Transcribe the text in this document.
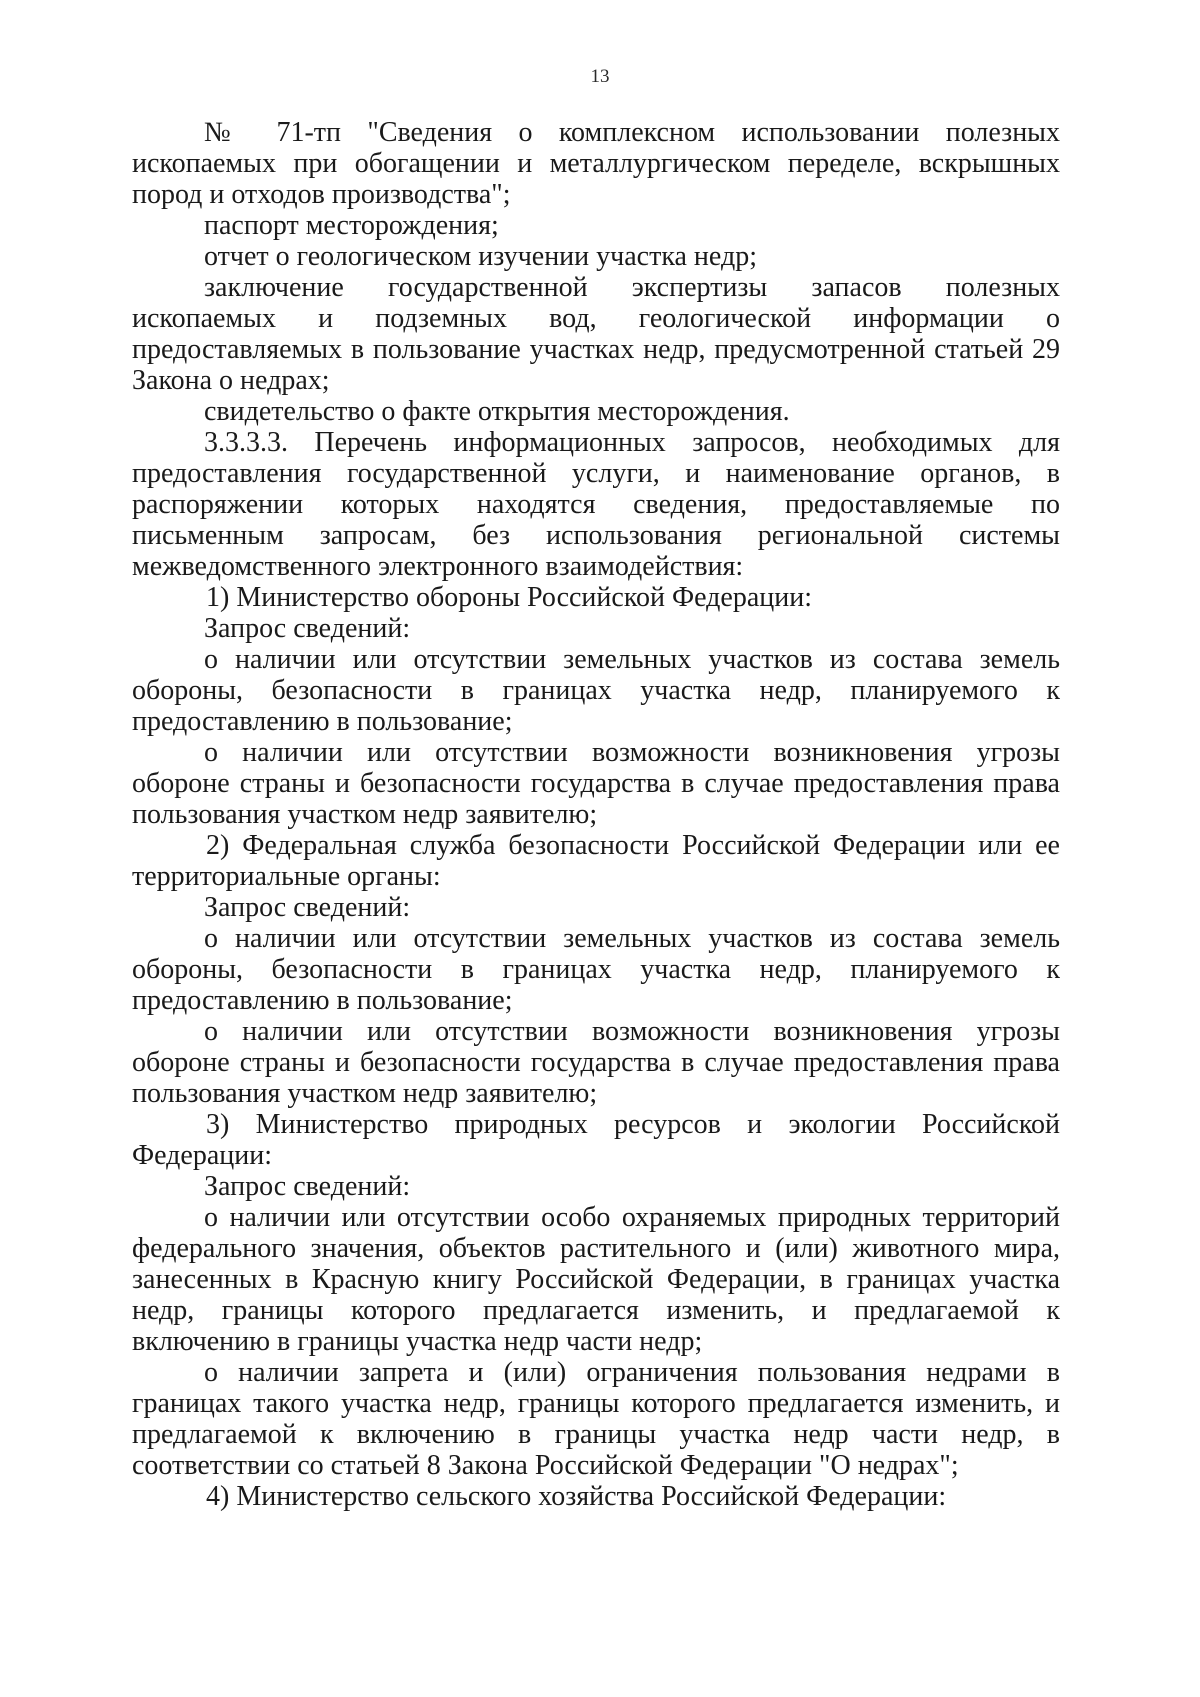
13

№ 71-тп "Сведения о комплексном использовании полезных ископаемых при обогащении и металлургическом переделе, вскрышных пород и отходов производства";

паспорт месторождения;

отчет о геологическом изучении участка недр;

заключение государственной экспертизы запасов полезных ископаемых и подземных вод, геологической информации о предоставляемых в пользование участках недр, предусмотренной статьей 29 Закона о недрах;

свидетельство о факте открытия месторождения.

3.3.3.3. Перечень информационных запросов, необходимых для предоставления государственной услуги, и наименование органов, в распоряжении которых находятся сведения, предоставляемые по письменным запросам, без использования региональной системы межведомственного электронного взаимодействия:

1) Министерство обороны Российской Федерации:

Запрос сведений:

о наличии или отсутствии земельных участков из состава земель обороны, безопасности в границах участка недр, планируемого к предоставлению в пользование;

о наличии или отсутствии возможности возникновения угрозы обороне страны и безопасности государства в случае предоставления права пользования участком недр заявителю;

2) Федеральная служба безопасности Российской Федерации или ее территориальные органы:

Запрос сведений:

о наличии или отсутствии земельных участков из состава земель обороны, безопасности в границах участка недр, планируемого к предоставлению в пользование;

о наличии или отсутствии возможности возникновения угрозы обороне страны и безопасности государства в случае предоставления права пользования участком недр заявителю;

3) Министерство природных ресурсов и экологии Российской Федерации:

Запрос сведений:

о наличии или отсутствии особо охраняемых природных территорий федерального значения, объектов растительного и (или) животного мира, занесенных в Красную книгу Российской Федерации, в границах участка недр, границы которого предлагается изменить, и предлагаемой к включению в границы участка недр части недр;

о наличии запрета и (или) ограничения пользования недрами в границах такого участка недр, границы которого предлагается изменить, и предлагаемой к включению в границы участка недр части недр, в соответствии со статьей 8 Закона Российской Федерации "О недрах";

4) Министерство сельского хозяйства Российской Федерации:
